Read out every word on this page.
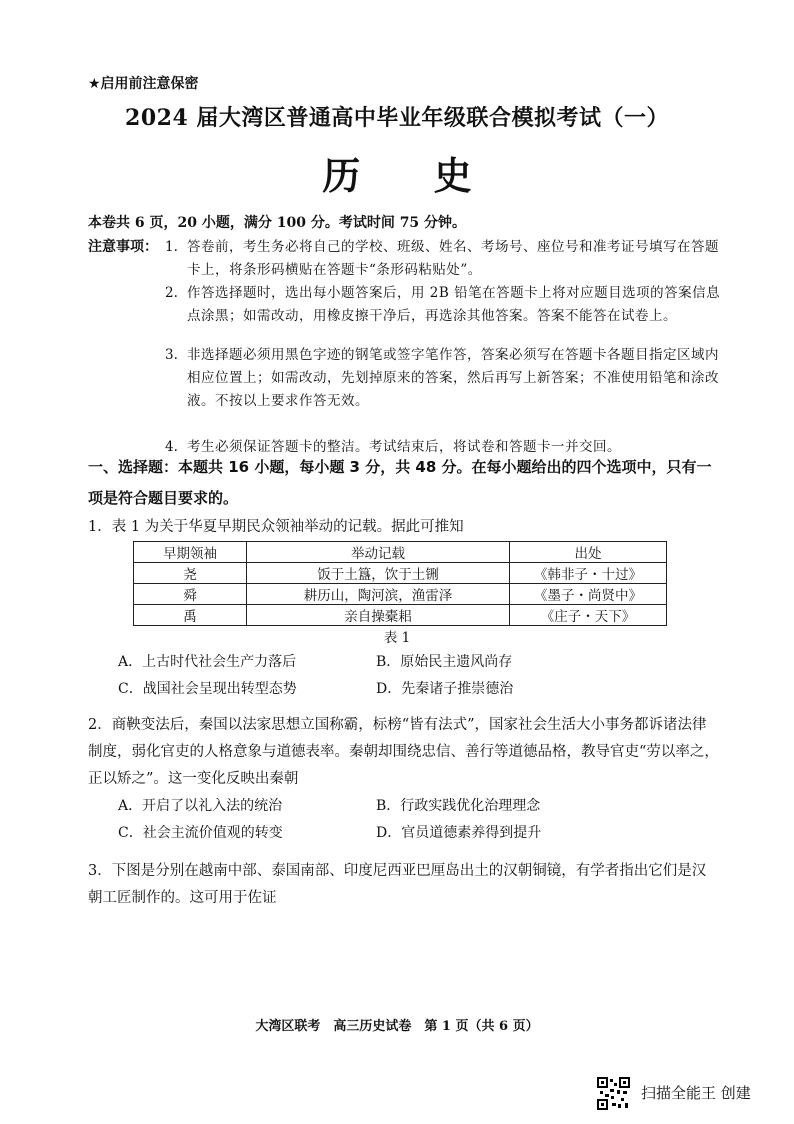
★启用前注意保密
2024 届大湾区普通高中毕业年级联合模拟考试（一）
历 史
本卷共 6 页，20 小题，满分 100 分。考试时间 75 分钟。
注意事项： 1. 答卷前，考生务必将自己的学校、班级、姓名、考场号、座位号和准考证号填写在答题卡上，将条形码横贴在答题卡“条形码粘贴处”。
2. 作答选择题时，选出每小题答案后，用 2B 铅笔在答题卡上将对应题目选项的答案信息点涂黑；如需改动，用橡皮擦干净后，再选涂其他答案。答案不能答在试卷上。
3. 非选择题必须用黑色字迹的钢笔或签字笔作答，答案必须写在答题卡各题目指定区域内相应位置上；如需改动，先划掉原来的答案，然后再写上新答案；不准使用铅笔和涂改液。不按以上要求作答无效。
4. 考生必须保证答题卡的整洁。考试结束后，将试卷和答题卡一并交回。
一、选择题：本题共 16 小题，每小题 3 分，共 48 分。在每小题给出的四个选项中，只有一项是符合题目要求的。
1．表 1 为关于华夏早期民众领袖举动的记载。据此可推知
早期领袖	举动记载	出处
尧	饭于土簋，饮于土铏	《韩非子・十过》
舜	耕历山，陶河滨，渔雷泽	《墨子・尚贤中》
禹	亲自操橐耜	《庄子・天下》
表 1
A．上古时代社会生产力落后	B．原始民主遗风尚存
C．战国社会呈现出转型态势	D．先秦诸子推崇德治
2．商鞅变法后，秦国以法家思想立国称霸，标榜“皆有法式”，国家社会生活大小事务都诉诸法律制度，弱化官吏的人格意象与道德表率。秦朝却围绕忠信、善行等道德品格，教导官吏“劳以率之，正以矫之”。这一变化反映出秦朝
A．开启了以礼入法的统治	B．行政实践优化治理理念
C．社会主流价值观的转变	D．官员道德素养得到提升
3．下图是分别在越南中部、泰国南部、印度尼西亚巴厘岛出土的汉朝铜镜，有学者指出它们是汉朝工匠制作的。这可用于佐证
大湾区联考　高三历史试卷　第 1 页（共 6 页）
扫描全能王 创建
